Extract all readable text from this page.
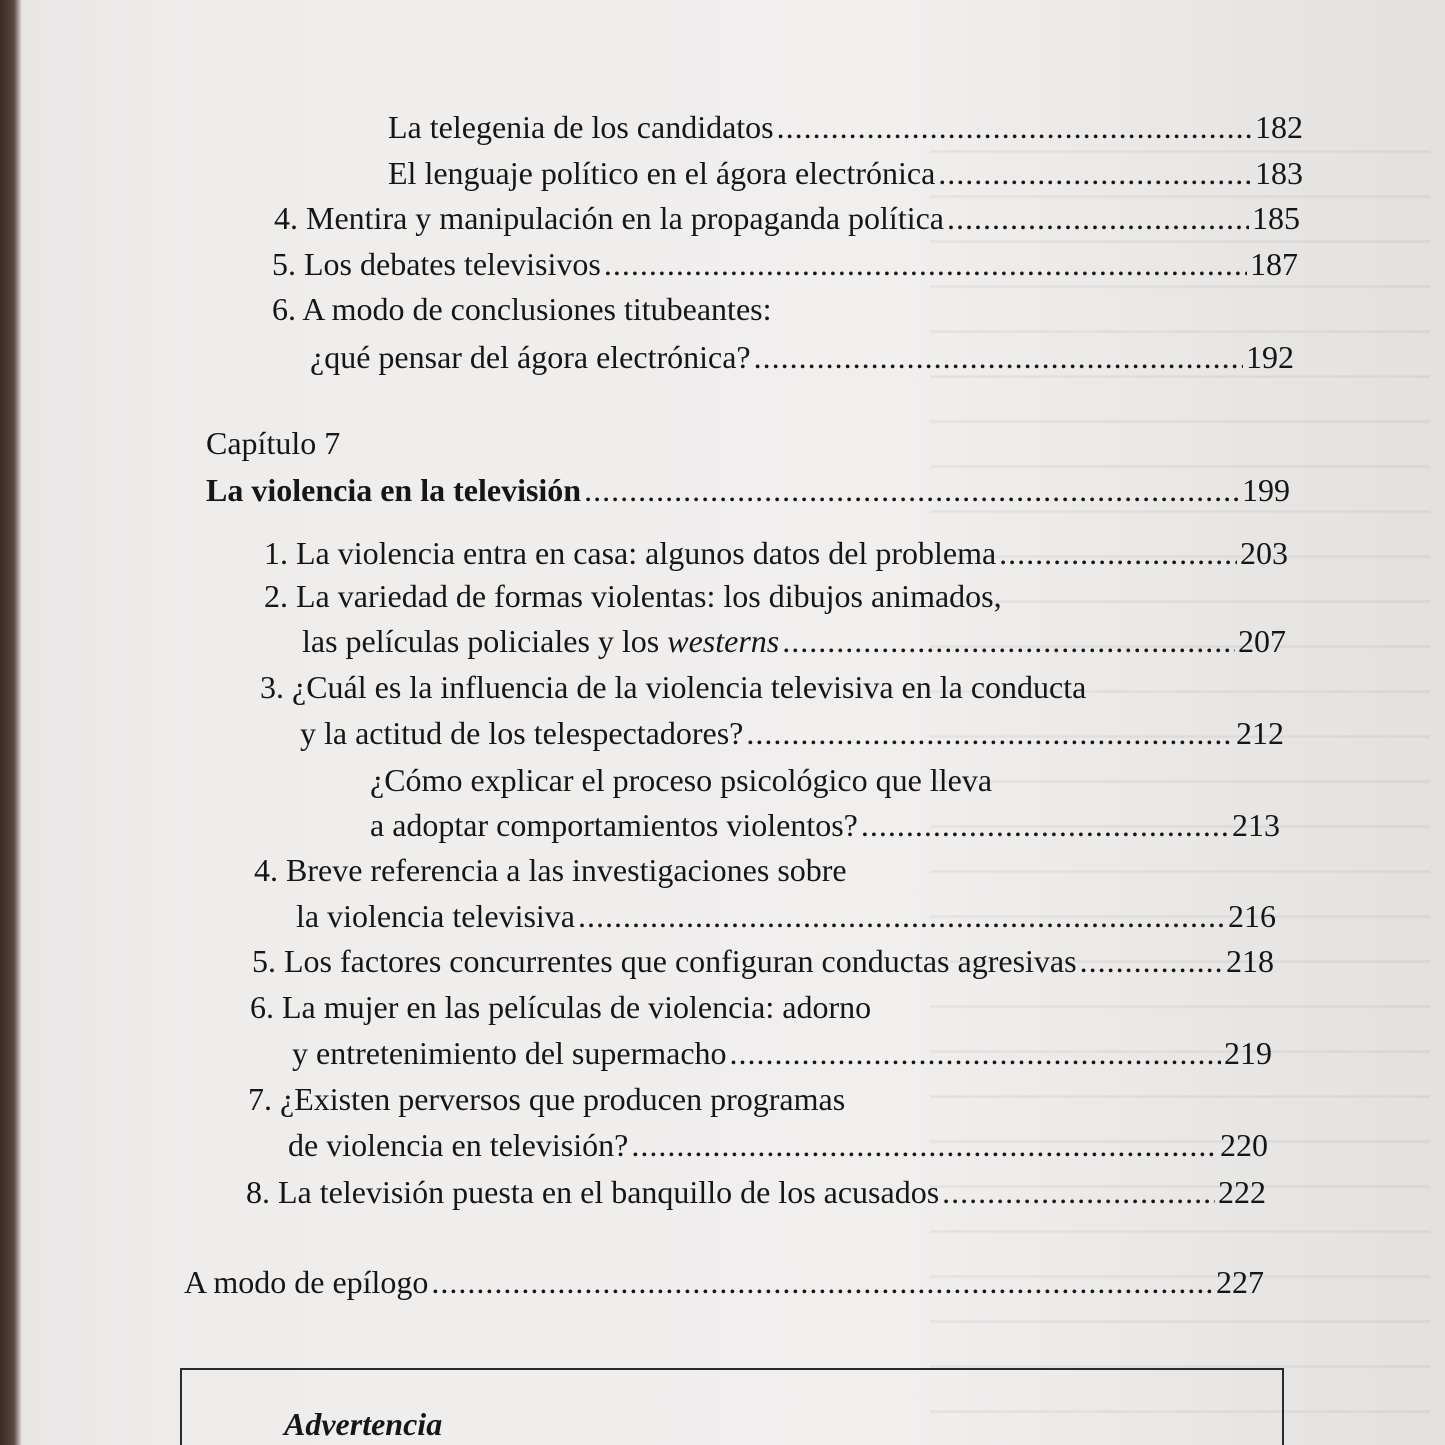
La telegenia de los candidatos .....	182
El lenguaje político en el ágora electrónica .....	183
4. Mentira y manipulación en la propaganda política .....	185
5. Los debates televisivos .....	187
6. A modo de conclusiones titubeantes:
¿qué pensar del ágora electrónica? .....	192
Capítulo 7
La violencia en la televisión .....	199
1. La violencia entra en casa: algunos datos del problema .....	203
2. La variedad de formas violentas: los dibujos animados,
las películas policiales y los westerns .....	207
3. ¿Cuál es la influencia de la violencia televisiva en la conducta
y la actitud de los telespectadores? .....	212
¿Cómo explicar el proceso psicológico que lleva
a adoptar comportamientos violentos? .....	213
4. Breve referencia a las investigaciones sobre
la violencia televisiva .....	216
5. Los factores concurrentes que configuran conductas agresivas .....	218
6. La mujer en las películas de violencia: adorno
y entretenimiento del supermacho .....	219
7. ¿Existen perversos que producen programas
de violencia en televisión? .....	220
8. La televisión puesta en el banquillo de los acusados .....	222
A modo de epílogo .....	227
Advertencia
